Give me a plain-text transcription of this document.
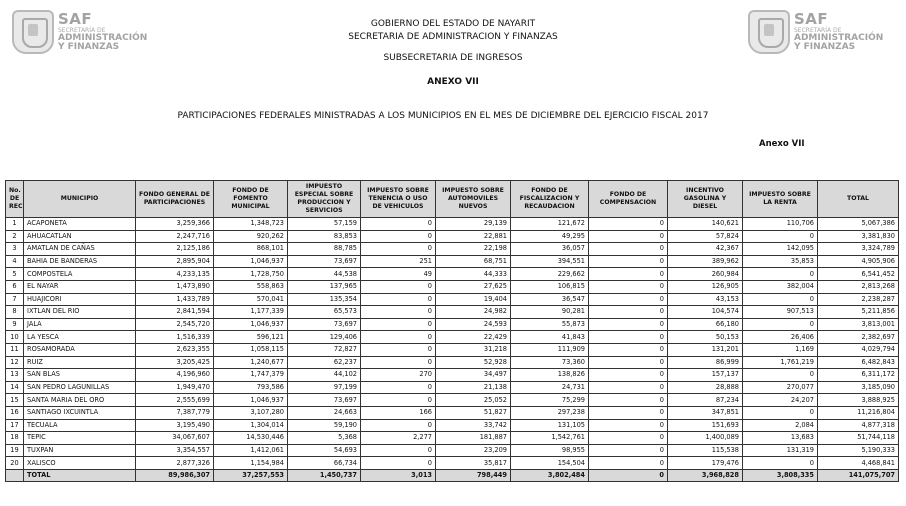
SAF
SECRETARÍA DE
ADMINISTRACIÓN
Y FINANZAS
SAF
SECRETARÍA DE
ADMINISTRACIÓN
Y FINANZAS
GOBIERNO DEL ESTADO DE NAYARIT
SECRETARIA DE ADMINISTRACION Y FINANZAS
SUBSECRETARIA DE INGRESOS
ANEXO VII
PARTICIPACIONES FEDERALES MINISTRADAS A LOS MUNICIPIOS EN EL MES DE DICIEMBRE DEL EJERCICIO FISCAL 2017
Anexo VII
No. DE REC	MUNICIPIO	FONDO GENERAL DE PARTICIPACIONES	FONDO DE FOMENTO MUNICIPAL	IMPUESTO ESPECIAL SOBRE PRODUCCION Y SERVICIOS	IMPUESTO SOBRE TENENCIA O USO DE VEHICULOS	IMPUESTO SOBRE AUTOMOVILES NUEVOS	FONDO DE FISCALIZACION Y RECAUDACION	FONDO DE COMPENSACION	INCENTIVO GASOLINA Y DIESEL	IMPUESTO SOBRE LA RENTA	TOTAL
1	ACAPONETA	3,259,366	1,348,723	57,159	0	29,139	121,672	0	140,621	110,706	5,067,386
2	AHUACATLAN	2,247,716	920,262	83,853	0	22,881	49,295	0	57,824	0	3,381,830
3	AMATLAN DE CAÑAS	2,125,186	868,101	88,785	0	22,198	36,057	0	42,367	142,095	3,324,789
4	BAHIA DE BANDERAS	2,895,904	1,046,937	73,697	251	68,751	394,551	0	389,962	35,853	4,905,906
5	COMPOSTELA	4,233,135	1,728,750	44,538	49	44,333	229,662	0	260,984	0	6,541,452
6	EL NAYAR	1,473,890	558,863	137,965	0	27,625	106,815	0	126,905	382,004	2,813,268
7	HUAJICORI	1,433,789	570,041	135,354	0	19,404	36,547	0	43,153	0	2,238,287
8	IXTLAN DEL RIO	2,841,594	1,177,339	65,573	0	24,982	90,281	0	104,574	907,513	5,211,856
9	JALA	2,545,720	1,046,937	73,697	0	24,593	55,873	0	66,180	0	3,813,001
10	LA YESCA	1,516,339	596,121	129,406	0	22,429	41,843	0	50,153	26,406	2,382,697
11	ROSAMORADA	2,623,355	1,058,115	72,827	0	31,218	111,909	0	131,201	1,169	4,029,794
12	RUIZ	3,205,425	1,240,677	62,237	0	52,928	73,360	0	86,999	1,761,219	6,482,843
13	SAN BLAS	4,196,960	1,747,379	44,102	270	34,497	138,826	0	157,137	0	6,311,172
14	SAN PEDRO LAGUNILLAS	1,949,470	793,586	97,199	0	21,138	24,731	0	28,888	270,077	3,185,090
15	SANTA MARIA DEL ORO	2,555,699	1,046,937	73,697	0	25,052	75,299	0	87,234	24,207	3,888,925
16	SANTIAGO IXCUINTLA	7,387,779	3,107,280	24,663	166	51,827	297,238	0	347,851	0	11,216,804
17	TECUALA	3,195,490	1,304,014	59,190	0	33,742	131,105	0	151,693	2,084	4,877,318
18	TEPIC	34,067,607	14,530,446	5,368	2,277	181,887	1,542,761	0	1,400,089	13,683	51,744,118
19	TUXPAN	3,354,557	1,412,061	54,693	0	23,209	98,955	0	115,538	131,319	5,190,333
20	XALISCO	2,877,326	1,154,984	66,734	0	35,817	154,504	0	179,476	0	4,468,841
	TOTAL	89,986,307	37,257,553	1,450,737	3,013	798,449	3,802,484	0	3,968,828	3,808,335	141,075,707
